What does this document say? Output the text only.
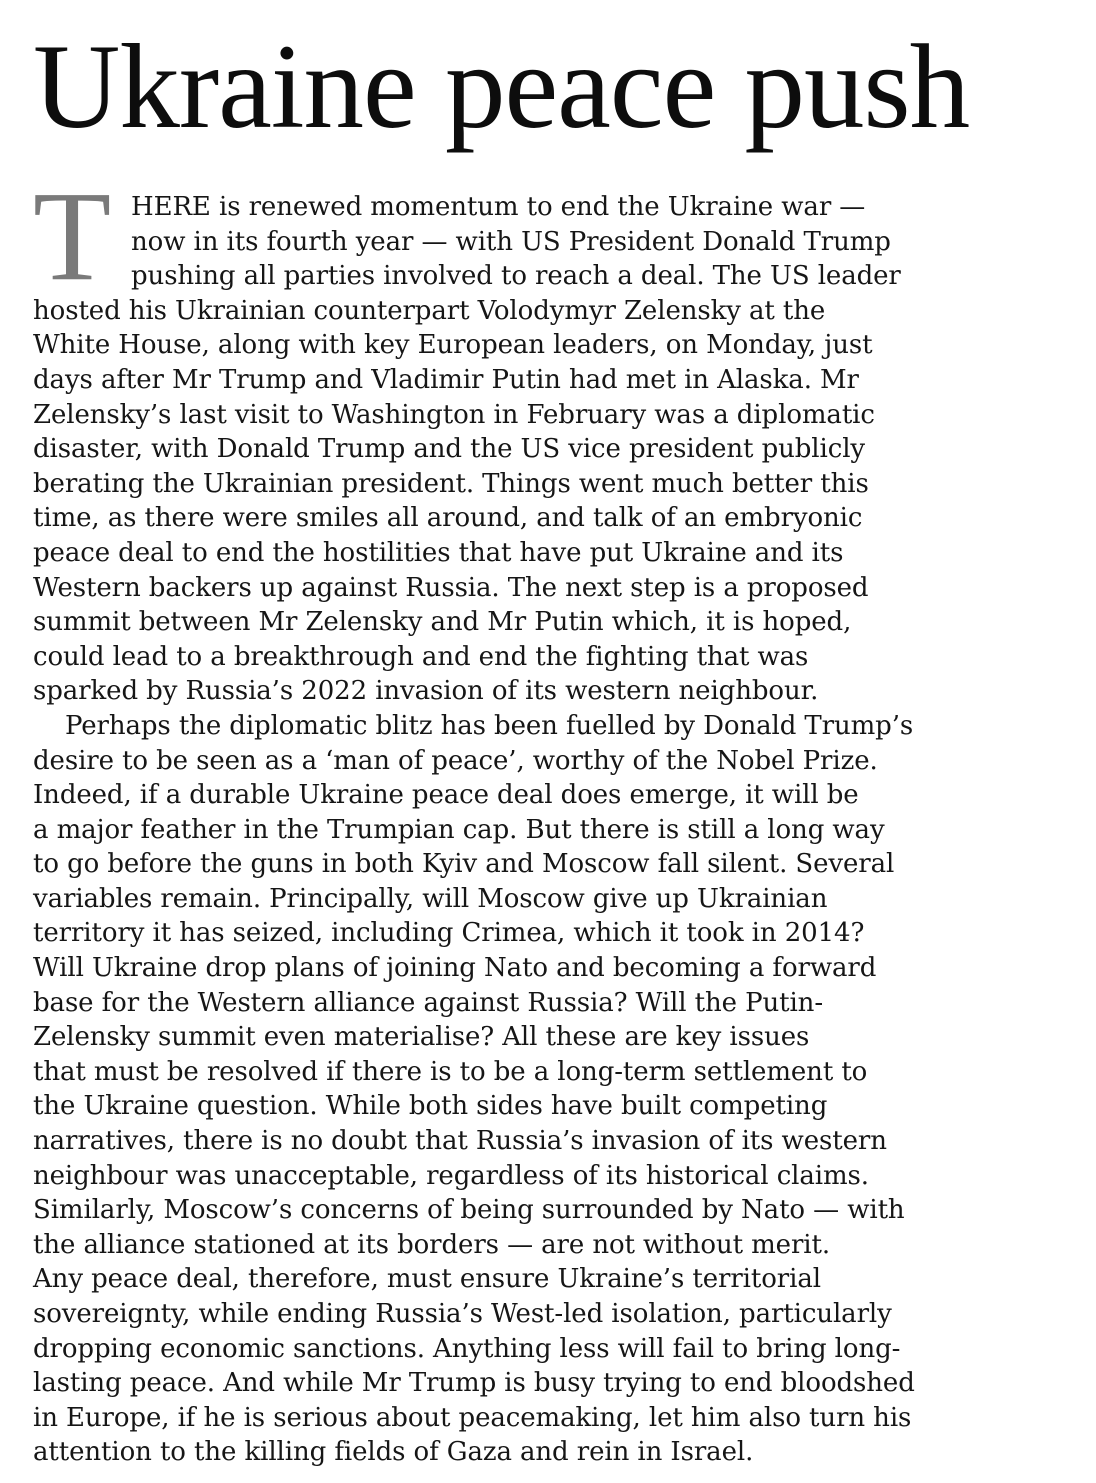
Ukraine peace push
T HERE is renewed momentum to end the Ukraine war —
now in its fourth year — with US President Donald Trump
pushing all parties involved to reach a deal. The US leader
hosted his Ukrainian counterpart Volodymyr Zelensky at the
White House, along with key European leaders, on Monday, just
days after Mr Trump and Vladimir Putin had met in Alaska. Mr
Zelensky’s last visit to Washington in February was a diplomatic
disaster, with Donald Trump and the US vice president publicly
berating the Ukrainian president. Things went much better this
time, as there were smiles all around, and talk of an embryonic
peace deal to end the hostilities that have put Ukraine and its
Western backers up against Russia. The next step is a proposed
summit between Mr Zelensky and Mr Putin which, it is hoped,
could lead to a breakthrough and end the fighting that was
sparked by Russia’s 2022 invasion of its western neighbour.
Perhaps the diplomatic blitz has been fuelled by Donald Trump’s
desire to be seen as a ‘man of peace’, worthy of the Nobel Prize.
Indeed, if a durable Ukraine peace deal does emerge, it will be
a major feather in the Trumpian cap. But there is still a long way
to go before the guns in both Kyiv and Moscow fall silent. Several
variables remain. Principally, will Moscow give up Ukrainian
territory it has seized, including Crimea, which it took in 2014?
Will Ukraine drop plans of joining Nato and becoming a forward
base for the Western alliance against Russia? Will the Putin-
Zelensky summit even materialise? All these are key issues
that must be resolved if there is to be a long-term settlement to
the Ukraine question. While both sides have built competing
narratives, there is no doubt that Russia’s invasion of its western
neighbour was unacceptable, regardless of its historical claims.
Similarly, Moscow’s concerns of being surrounded by Nato — with
the alliance stationed at its borders — are not without merit.
Any peace deal, therefore, must ensure Ukraine’s territorial
sovereignty, while ending Russia’s West-led isolation, particularly
dropping economic sanctions. Anything less will fail to bring long-
lasting peace. And while Mr Trump is busy trying to end bloodshed
in Europe, if he is serious about peacemaking, let him also turn his
attention to the killing fields of Gaza and rein in Israel.
